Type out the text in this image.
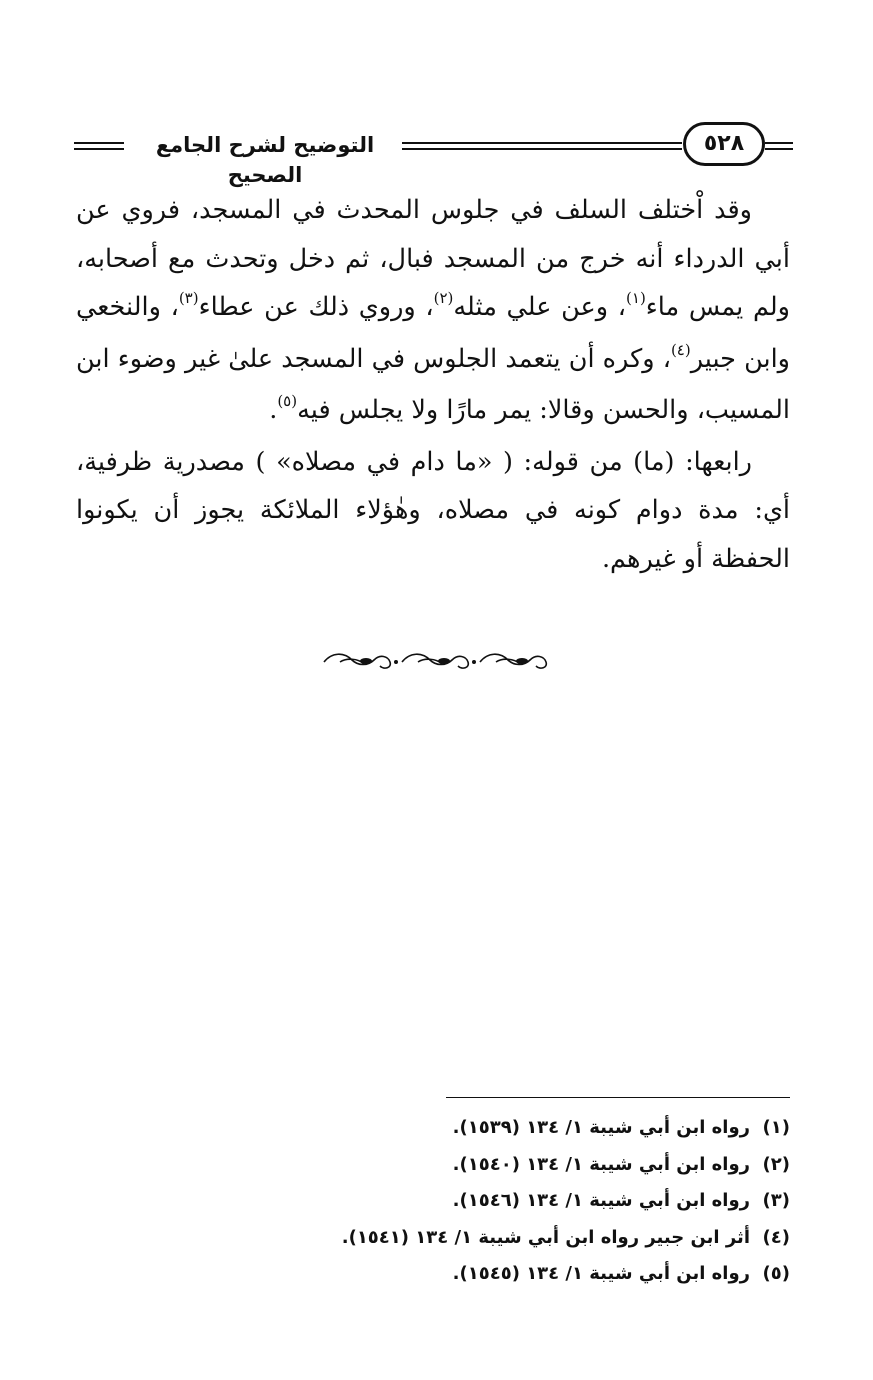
التوضيح لشرح الجامع الصحيح
٥٢٨

وقد اْختلف السلف في جلوس المحدث في المسجد، فروي عن أبي الدرداء أنه خرج من المسجد فبال، ثم دخل وتحدث مع أصحابه، ولم يمس ماء$^{(١)}$، وعن علي مثله$^{(٢)}$، وروي ذلك عن عطاء$^{(٣)}$، والنخعي وابن جبير$^{(٤)}$، وكره أن يتعمد الجلوس في المسجد علىٰ غير وضوء ابن المسيب، والحسن وقالا: يمر مارًا ولا يجلس فيه$^{(٥)}$.

رابعها: (ما) من قوله: ( «ما دام في مصلاه» ) مصدرية ظرفية، أي: مدة دوام كونه في مصلاه، وهٰؤلاء الملائكة يجوز أن يكونوا الحفظة أو غيرهم.

(١)رواه ابن أبي شيبة ١/ ١٣٤ (١٥٣٩).
(٢)رواه ابن أبي شيبة ١/ ١٣٤ (١٥٤٠).
(٣)رواه ابن أبي شيبة ١/ ١٣٤ (١٥٤٦).
(٤)أثر ابن جبير رواه ابن أبي شيبة ١/ ١٣٤ (١٥٤١).
(٥)رواه ابن أبي شيبة ١/ ١٣٤ (١٥٤٥).
